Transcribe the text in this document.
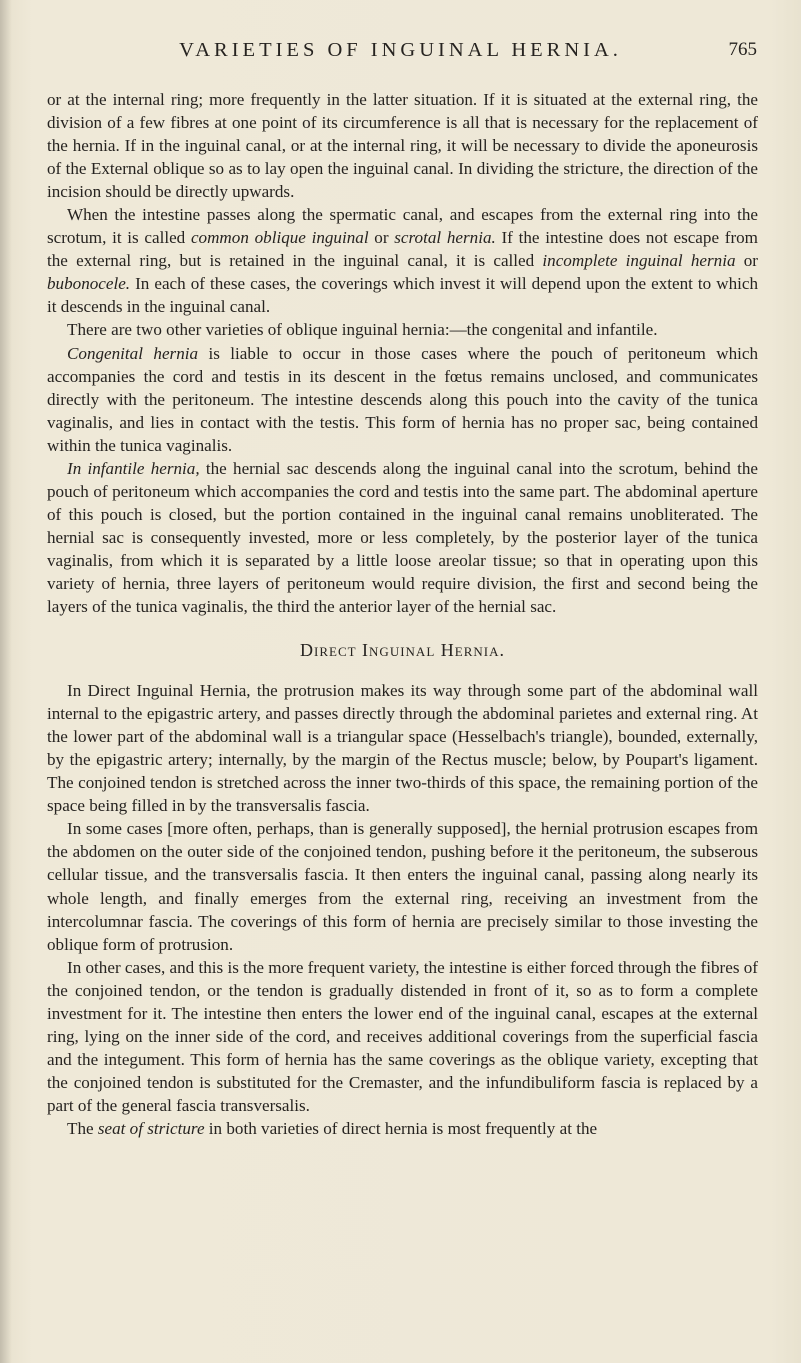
VARIETIES OF INGUINAL HERNIA.	765

or at the internal ring; more frequently in the latter situation. If it is situated at the external ring, the division of a few fibres at one point of its circumference is all that is necessary for the replacement of the hernia. If in the inguinal canal, or at the internal ring, it will be necessary to divide the aponeurosis of the External oblique so as to lay open the inguinal canal. In dividing the stricture, the direction of the incision should be directly upwards.

When the intestine passes along the spermatic canal, and escapes from the external ring into the scrotum, it is called common oblique inguinal or scrotal hernia. If the intestine does not escape from the external ring, but is retained in the inguinal canal, it is called incomplete inguinal hernia or bubonocele. In each of these cases, the coverings which invest it will depend upon the extent to which it descends in the inguinal canal.

There are two other varieties of oblique inguinal hernia:—the congenital and infantile.

Congenital hernia is liable to occur in those cases where the pouch of peritoneum which accompanies the cord and testis in its descent in the fœtus remains unclosed, and communicates directly with the peritoneum. The intestine descends along this pouch into the cavity of the tunica vaginalis, and lies in contact with the testis. This form of hernia has no proper sac, being contained within the tunica vaginalis.

In infantile hernia, the hernial sac descends along the inguinal canal into the scrotum, behind the pouch of peritoneum which accompanies the cord and testis into the same part. The abdominal aperture of this pouch is closed, but the portion contained in the inguinal canal remains unobliterated. The hernial sac is consequently invested, more or less completely, by the posterior layer of the tunica vaginalis, from which it is separated by a little loose areolar tissue; so that in operating upon this variety of hernia, three layers of peritoneum would require division, the first and second being the layers of the tunica vaginalis, the third the anterior layer of the hernial sac.

Direct Inguinal Hernia.

In Direct Inguinal Hernia, the protrusion makes its way through some part of the abdominal wall internal to the epigastric artery, and passes directly through the abdominal parietes and external ring. At the lower part of the abdominal wall is a triangular space (Hesselbach's triangle), bounded, externally, by the epigastric artery; internally, by the margin of the Rectus muscle; below, by Poupart's ligament. The conjoined tendon is stretched across the inner two-thirds of this space, the remaining portion of the space being filled in by the transversalis fascia.

In some cases [more often, perhaps, than is generally supposed], the hernial protrusion escapes from the abdomen on the outer side of the conjoined tendon, pushing before it the peritoneum, the subserous cellular tissue, and the transversalis fascia. It then enters the inguinal canal, passing along nearly its whole length, and finally emerges from the external ring, receiving an investment from the intercolumnar fascia. The coverings of this form of hernia are precisely similar to those investing the oblique form of protrusion.

In other cases, and this is the more frequent variety, the intestine is either forced through the fibres of the conjoined tendon, or the tendon is gradually distended in front of it, so as to form a complete investment for it. The intestine then enters the lower end of the inguinal canal, escapes at the external ring, lying on the inner side of the cord, and receives additional coverings from the superficial fascia and the integument. This form of hernia has the same coverings as the oblique variety, excepting that the conjoined tendon is substituted for the Cremaster, and the infundibuliform fascia is replaced by a part of the general fascia transversalis.

The seat of stricture in both varieties of direct hernia is most frequently at the
